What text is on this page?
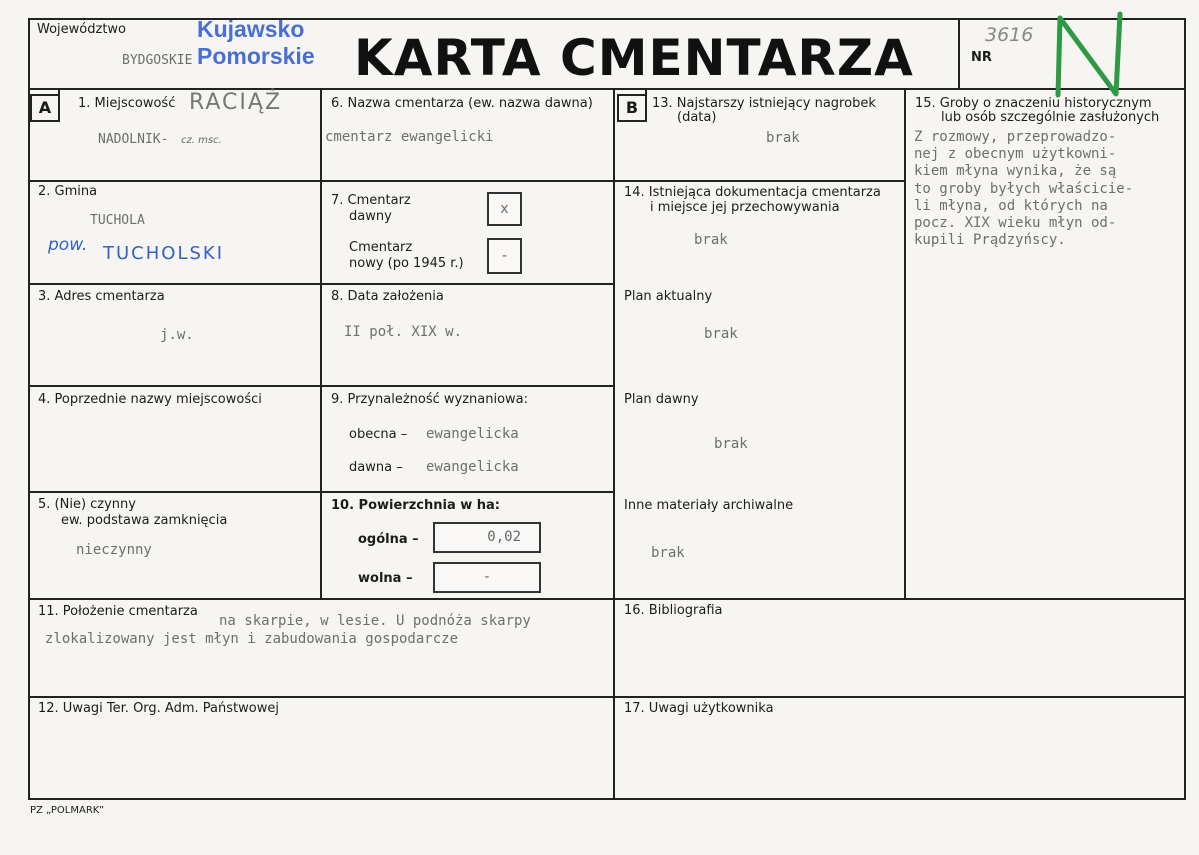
Województwo
BYDGOSKIE
Kujawsko
Pomorskie KARTA CMENTARZA	NR
3616
A	1. Miejscowość RACIĄŻ
NADOLNIK- cz. msc.
2. Gmina
TUCHOLA
pow. TUCHOLSKI
3. Adres cmentarza
j.w.
4. Poprzednie nazwy miejscowości
5. (Nie) czynny
ew. podstawa zamknięcia
nieczynny
6. Nazwa cmentarza (ew. nazwa dawna)
cmentarz ewangelicki
7. Cmentarz
dawny	x
Cmentarz
nowy (po 1945 r.)	-
8. Data założenia
II poł. XIX w.
9. Przynależność wyznaniowa:
obecna – ewangelicka
dawna – ewangelicka
10. Powierzchnia w ha:
ogólna –	0,02
wolna –	-
11. Położenie cmentarza
na skarpie, w lesie. U podnóża skarpy
zlokalizowany jest młyn i zabudowania gospodarcze
12. Uwagi Ter. Org. Adm. Państwowej
B	13. Najstarszy istniejący nagrobek
(data)
brak
14. Istniejąca dokumentacja cmentarza
i miejsce jej przechowywania
brak
Plan aktualny
brak
Plan dawny
brak
Inne materiały archiwalne
brak
15. Groby o znaczeniu historycznym
lub osób szczególnie zasłużonych
Z rozmowy, przeprowadzo-
nej z obecnym użytkowni-
kiem młyna wynika, że są
to groby byłych właścicie-
li młyna, od których na
pocz. XIX wieku młyn od-
kupili Prądzyńscy.
16. Bibliografia
17. Uwagi użytkownika
PZ „POLMARK”
